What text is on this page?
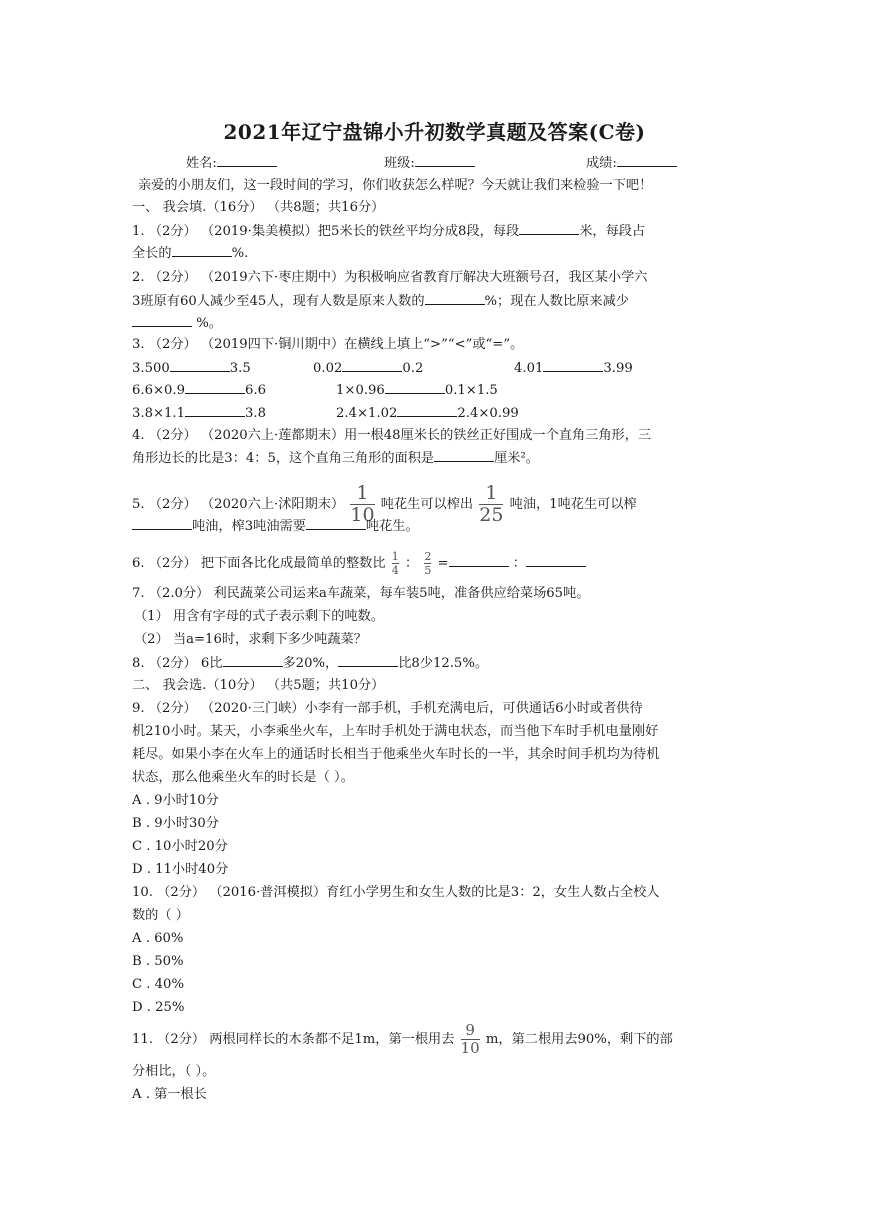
2021年辽宁盘锦小升初数学真题及答案(C卷)
姓名:	班级:	成绩:
亲爱的小朋友们，这一段时间的学习，你们收获怎么样呢？今天就让我们来检验一下吧！
一、 我会填.（16分） （共8题；共16分）
1. （2分） （2019·集美模拟）把5米长的铁丝平均分成8段，每段	米，每段占
全长的	%.
2. （2分） （2019六下·枣庄期中）为积极响应省教育厅解决大班额号召，我区某小学六
3班原有60人减少至45人，现有人数是原来人数的	%；现在人数比原来减少
%。
3. （2分） （2019四下·铜川期中）在横线上填上“>”“<”或“=”。
3.500	3.5	0.02	0.2	4.01	3.99
6.6×0.9	6.6	1×0.96	0.1×1.5
3.8×1.1	3.8	2.4×1.02	2.4×0.99
4. （2分） （2020六上·莲都期末）用一根48厘米长的铁丝正好围成一个直角三角形，三
角形边长的比是3：4：5，这个直角三角形的面积是	厘米²。
5. （2分） （2020六上·沭阳期末） $\frac{1}{10}$ 吨花生可以榨出 $\frac{1}{25}$ 吨油，1吨花生可以榨
吨油，榨3吨油需要	吨花生。
6. （2分） 把下面各比化成最简单的整数比 $\frac{1}{4}$ ： $\frac{2}{5}$ =	：
7. （2.0分） 利民蔬菜公司运来a车蔬菜，每车装5吨，准备供应给菜场65吨。
（1） 用含有字母的式子表示剩下的吨数。
（2） 当a=16时，求剩下多少吨蔬菜？
8. （2分） 6比	多20%，	比8少12.5%。
二、 我会选.（10分） （共5题；共10分）
9. （2分） （2020·三门峡）小李有一部手机，手机充满电后，可供通话6小时或者供待
机210小时。某天，小李乘坐火车，上车时手机处于满电状态，而当他下车时手机电量刚好
耗尽。如果小李在火车上的通话时长相当于他乘坐火车时长的一半，其余时间手机均为待机
状态，那么他乘坐火车的时长是（ ）。
A . 9小时10分
B . 9小时30分
C . 10小时20分
D . 11小时40分
10. （2分） （2016·普洱模拟）育红小学男生和女生人数的比是3：2，女生人数占全校人
数的（ ）
A . 60%
B . 50%
C . 40%
D . 25%
11. （2分） 两根同样长的木条都不足1m，第一根用去 $\frac{9}{10}$ m，第二根用去90%，剩下的部
分相比，（ ）。
A . 第一根长
